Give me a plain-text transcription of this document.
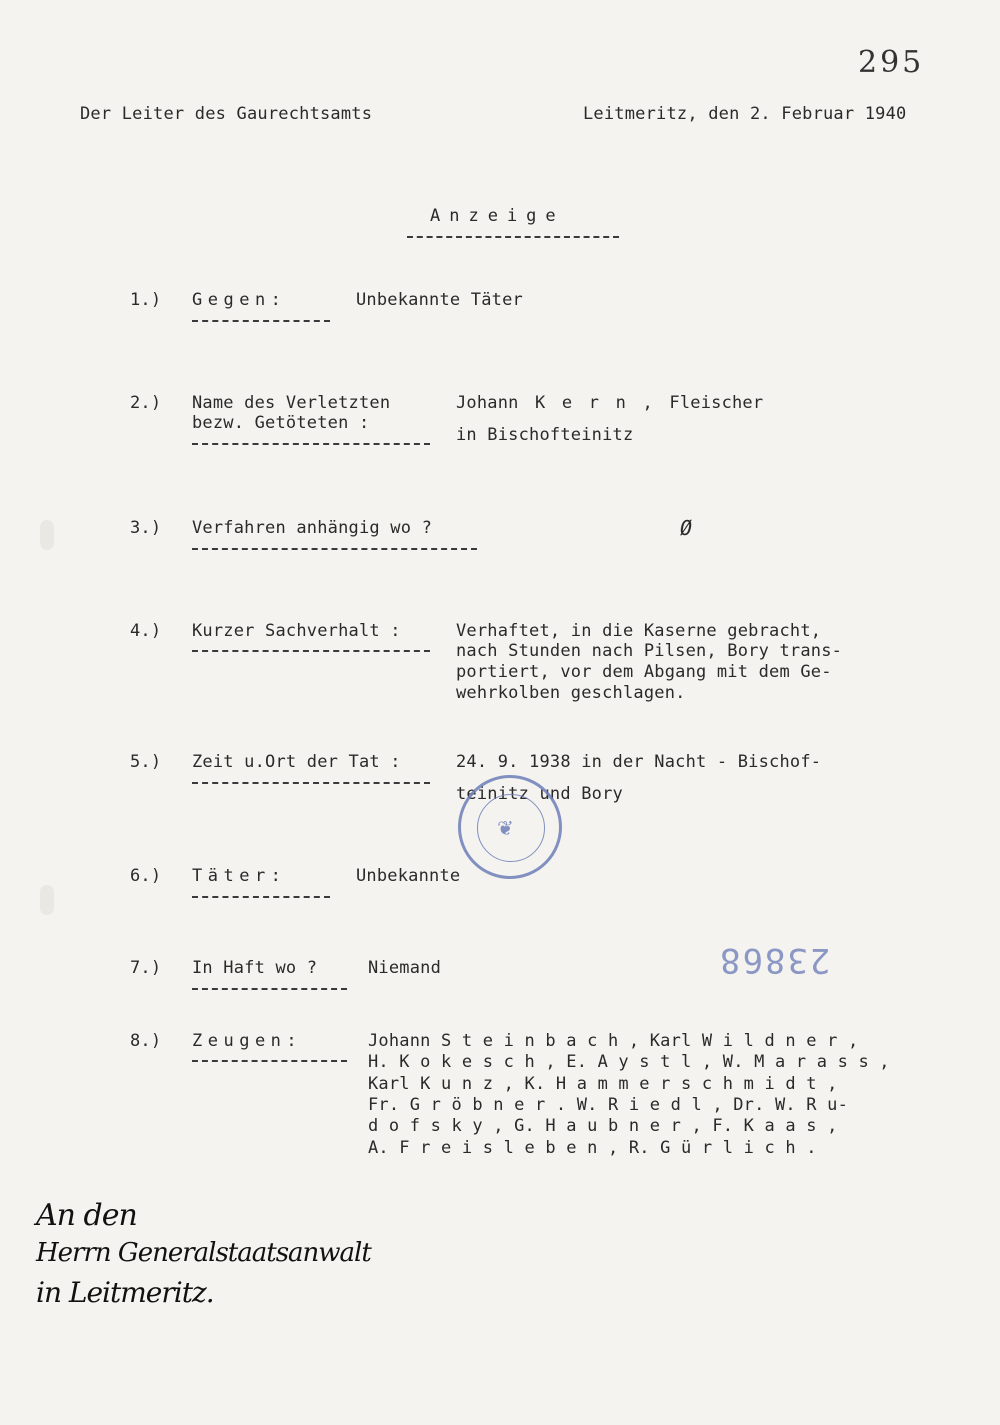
295
Der Leiter des Gaurechtsamts	Leitmeritz, den 2. Februar 1940
Anzeige
1.) Gegen:	Unbekannte Täter
2.) Name des Verletzten
bezw. Getöteten :
Johann K e r n , Fleischer
in Bischofteinitz
3.) Verfahren anhängig wo ?	Ø
4.) Kurzer Sachverhalt :	Verhaftet, in die Kaserne gebracht,
nach Stunden nach Pilsen, Bory trans-
portiert, vor dem Abgang mit dem Ge-
wehrkolben geschlagen.
5.) Zeit u.Ort der Tat :	24. 9. 1938 in der Nacht - Bischof-
teinitz und Bory
❦
6.) Täter:	Unbekannte
23868
7.) In Haft wo ?	Niemand
8.) Zeugen:	Johann S t e i n b a c h , Karl W i l d n e r ,
H. K o k e s c h , E. A y s t l , W. M a r a s s ,
Karl K u n z , K. H a m m e r s c h m i d t ,
Fr. G r ö b n e r . W. R i e d l , Dr. W. R u-
d o f s k y , G. H a u b n e r , F. K a a s ,
A. F r e i s l e b e n , R. G ü r l i c h .
An den
Herrn Generalstaatsanwalt
in Leitmeritz.
